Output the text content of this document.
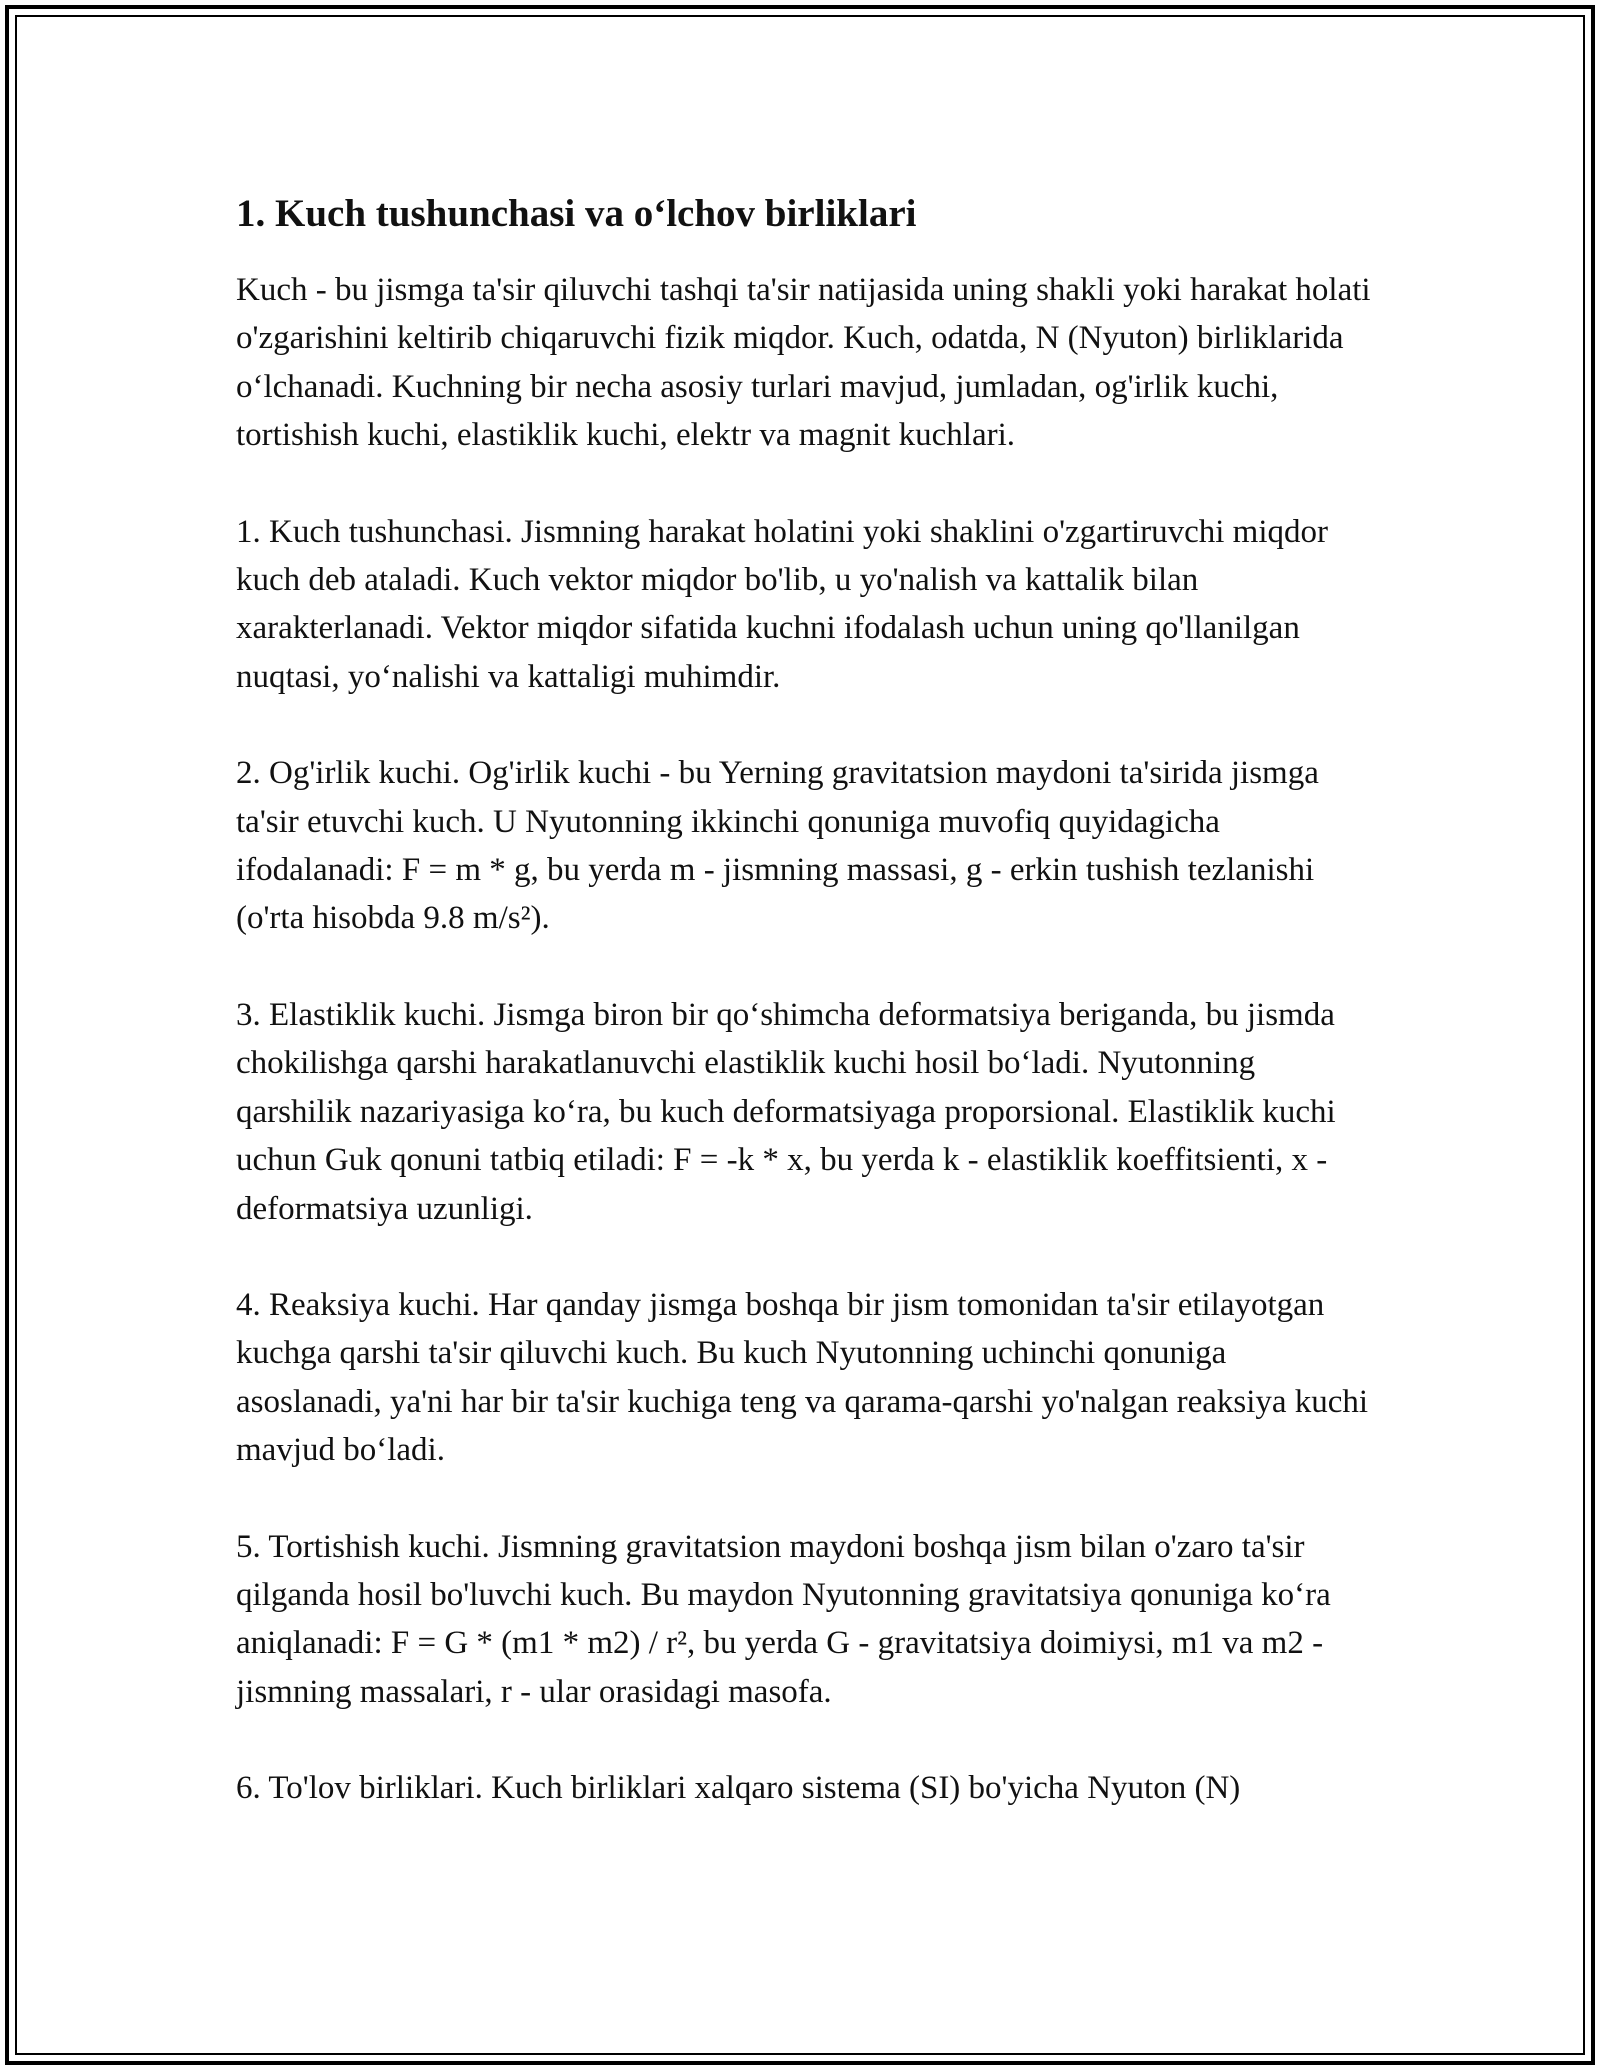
1. Kuch tushunchasi va o‘lchov birliklari

Kuch - bu jismga ta'sir qiluvchi tashqi ta'sir natijasida uning shakli yoki harakat holati o'zgarishini keltirib chiqaruvchi fizik miqdor. Kuch, odatda, N (Nyuton) birliklarida o‘lchanadi. Kuchning bir necha asosiy turlari mavjud, jumladan, og'irlik kuchi, tortishish kuchi, elastiklik kuchi, elektr va magnit kuchlari.

1. Kuch tushunchasi. Jismning harakat holatini yoki shaklini o'zgartiruvchi miqdor kuch deb ataladi. Kuch vektor miqdor bo'lib, u yo'nalish va kattalik bilan xarakterlanadi. Vektor miqdor sifatida kuchni ifodalash uchun uning qo'llanilgan nuqtasi, yo‘nalishi va kattaligi muhimdir.

2. Og'irlik kuchi. Og'irlik kuchi - bu Yerning gravitatsion maydoni ta'sirida jismga ta'sir etuvchi kuch. U Nyutonning ikkinchi qonuniga muvofiq quyidagicha ifodalanadi: F = m * g, bu yerda m - jismning massasi, g - erkin tushish tezlanishi (o'rta hisobda 9.8 m/s²).

3. Elastiklik kuchi. Jismga biron bir qo‘shimcha deformatsiya beriganda, bu jismda chokilishga qarshi harakatlanuvchi elastiklik kuchi hosil bo‘ladi. Nyutonning qarshilik nazariyasiga ko‘ra, bu kuch deformatsiyaga proporsional. Elastiklik kuchi uchun Guk qonuni tatbiq etiladi: F = -k * x, bu yerda k - elastiklik koeffitsienti, x - deformatsiya uzunligi.

4. Reaksiya kuchi. Har qanday jismga boshqa bir jism tomonidan ta'sir etilayotgan kuchga qarshi ta'sir qiluvchi kuch. Bu kuch Nyutonning uchinchi qonuniga asoslanadi, ya'ni har bir ta'sir kuchiga teng va qarama-qarshi yo'nalgan reaksiya kuchi mavjud bo‘ladi.

5. Tortishish kuchi. Jismning gravitatsion maydoni boshqa jism bilan o'zaro ta'sir qilganda hosil bo'luvchi kuch. Bu maydon Nyutonning gravitatsiya qonuniga ko‘ra aniqlanadi: F = G * (m1 * m2) / r², bu yerda G - gravitatsiya doimiysi, m1 va m2 - jismning massalari, r - ular orasidagi masofa.

6. To'lov birliklari. Kuch birliklari xalqaro sistema (SI) bo'yicha Nyuton (N)
